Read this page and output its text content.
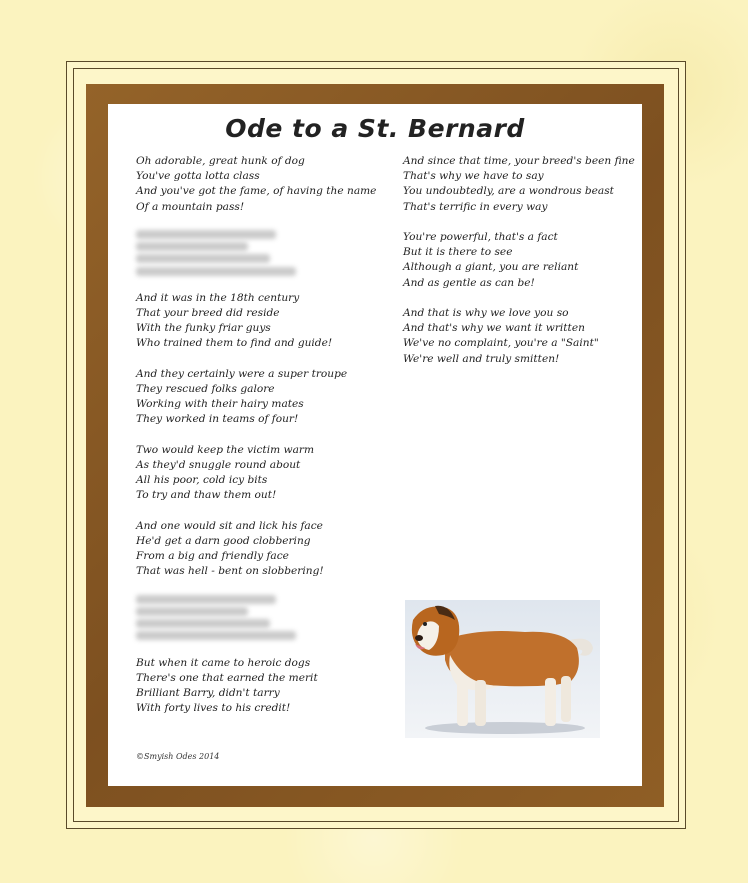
Ode to a St. Bernard
Oh adorable, great hunk of dog
You've gotta lotta class
And you've got the fame, of having the name
Of a mountain pass!
And it was in the 18th century
That your breed did reside
With the funky friar guys
Who trained them to find and guide!
And they certainly were a super troupe
They rescued folks galore
Working with their hairy mates
They worked in teams of four!
Two would keep the victim warm
As they'd snuggle round about
All his poor, cold icy bits
To try and thaw them out!
And one would sit and lick his face
He'd get a darn good clobbering
From a big and friendly face
That was hell - bent on slobbering!
But when it came to heroic dogs
There's one that earned the merit
Brilliant Barry, didn't tarry
With forty lives to his credit!
And since that time, your breed's been fine
That's why we have to say
You undoubtedly, are a wondrous beast
That's terrific in every way
You're powerful, that's a fact
But it is there to see
Although a giant, you are reliant
And as gentle as can be!
And that is why we love you so
And that's why we want it written
We've no complaint, you're a "Saint"
We're well and truly smitten!
©Smyish Odes 2014
